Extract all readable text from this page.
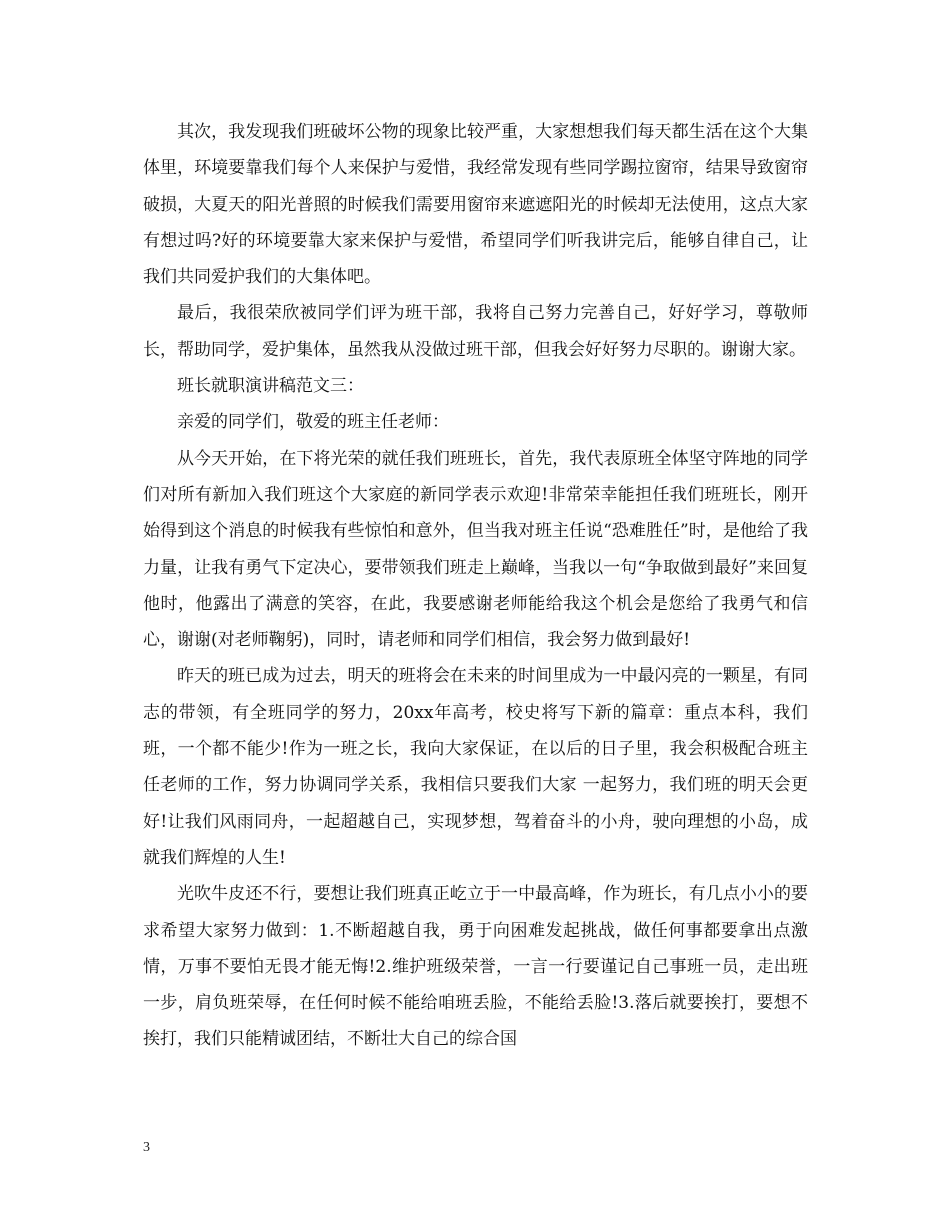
其次，我发现我们班破坏公物的现象比较严重，大家想想我们每天都生活在这个大集体里，环境要靠我们每个人来保护与爱惜，我经常发现有些同学踢拉窗帘，结果导致窗帘破损，大夏天的阳光普照的时候我们需要用窗帘来遮遮阳光的时候却无法使用，这点大家有想过吗?好的环境要靠大家来保护与爱惜，希望同学们听我讲完后，能够自律自己，让我们共同爱护我们的大集体吧。

最后，我很荣欣被同学们评为班干部，我将自己努力完善自己，好好学习，尊敬师长，帮助同学，爱护集体，虽然我从没做过班干部，但我会好好努力尽职的。谢谢大家。

班长就职演讲稿范文三：

亲爱的同学们，敬爱的班主任老师：

从今天开始，在下将光荣的就任我们班班长，首先，我代表原班全体坚守阵地的同学们对所有新加入我们班这个大家庭的新同学表示欢迎!非常荣幸能担任我们班班长，刚开始得到这个消息的时候我有些惊怕和意外，但当我对班主任说“恐难胜任”时，是他给了我力量，让我有勇气下定决心，要带领我们班走上巅峰，当我以一句“争取做到最好”来回复他时，他露出了满意的笑容，在此，我要感谢老师能给我这个机会是您给了我勇气和信心，谢谢(对老师鞠躬)，同时，请老师和同学们相信，我会努力做到最好!

昨天的班已成为过去，明天的班将会在未来的时间里成为一中最闪亮的一颗星，有同志的带领，有全班同学的努力，20xx年高考，校史将写下新的篇章：重点本科，我们班，一个都不能少!作为一班之长，我向大家保证，在以后的日子里，我会积极配合班主任老师的工作，努力协调同学关系，我相信只要我们大家 一起努力，我们班的明天会更好!让我们风雨同舟，一起超越自己，实现梦想，驾着奋斗的小舟，驶向理想的小岛，成就我们辉煌的人生!

光吹牛皮还不行，要想让我们班真正屹立于一中最高峰，作为班长，有几点小小的要求希望大家努力做到：1.不断超越自我，勇于向困难发起挑战，做任何事都要拿出点激情，万事不要怕无畏才能无悔!2.维护班级荣誉，一言一行要谨记自己事班一员，走出班一步，肩负班荣辱，在任何时候不能给咱班丢脸，不能给丢脸!3.落后就要挨打，要想不挨打，我们只能精诚团结，不断壮大自己的综合国

3
